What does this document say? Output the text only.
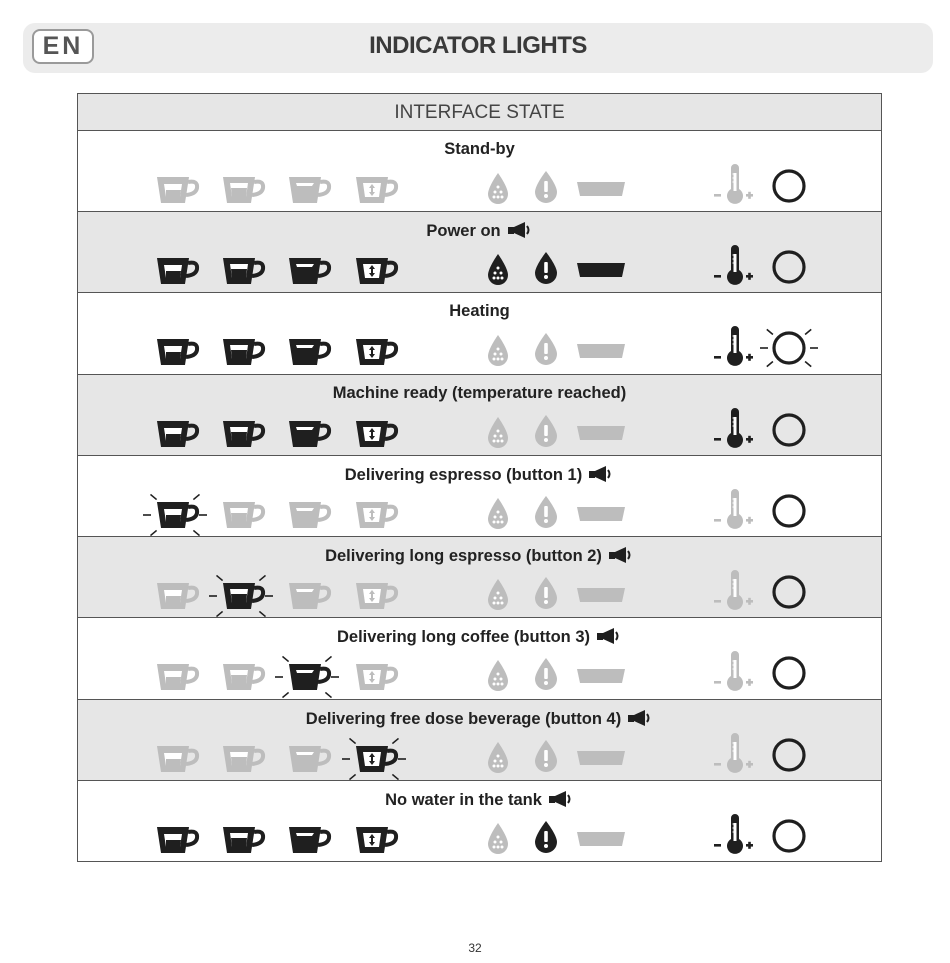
EN	INDICATOR LIGHTS
INTERFACE STATE
Stand-by
Power on
Heating
Machine ready (temperature reached)
Delivering espresso (button 1)
Delivering long espresso (button 2)
Delivering long coffee (button 3)
Delivering free dose beverage (button 4)
No water in the tank
32
